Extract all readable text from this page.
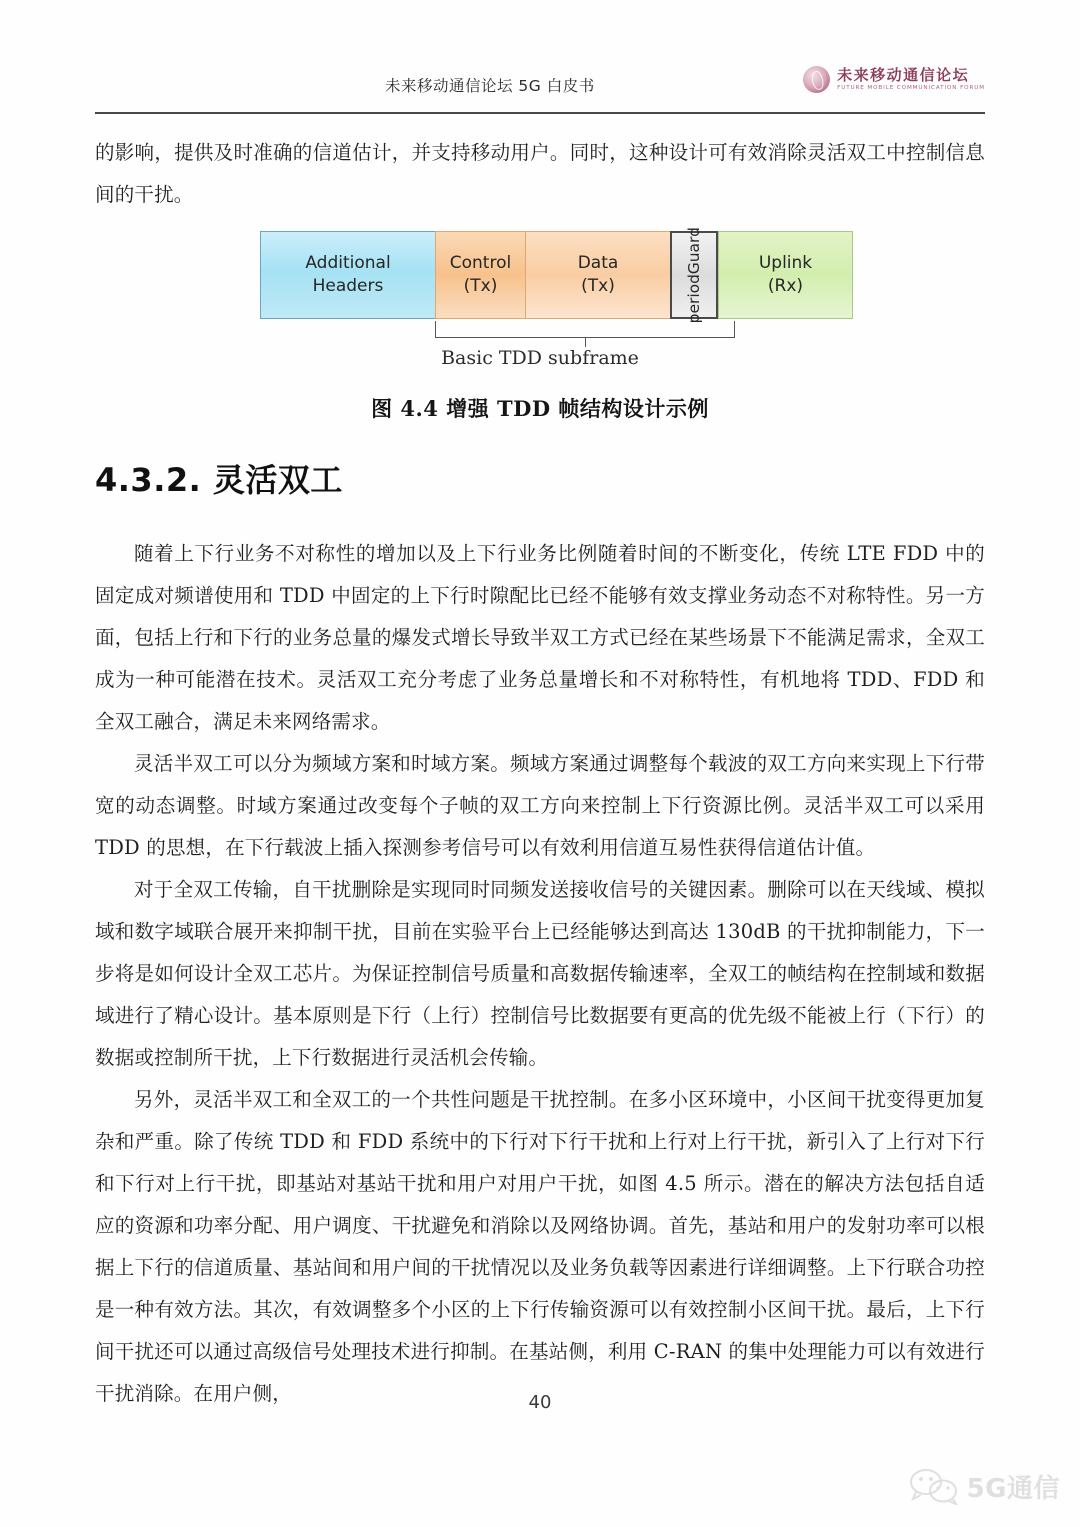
未来移动通信论坛 5G 白皮书
未来移动通信论坛
FUTURE MOBILE COMMUNICATION FORUM
的影响，提供及时准确的信道估计，并支持移动用户。同时，这种设计可有效消除灵活双工中控制信息间的干扰。
Additional
Headers
Control
(Tx)
Data
(Tx)
Guard
period
Uplink
(Rx)
Basic TDD subframe
图 4.4 增强 TDD 帧结构设计示例
4.3.2. 灵活双工
随着上下行业务不对称性的增加以及上下行业务比例随着时间的不断变化，传统 LTE FDD 中的固定成对频谱使用和 TDD 中固定的上下行时隙配比已经不能够有效支撑业务动态不对称特性。另一方面，包括上行和下行的业务总量的爆发式增长导致半双工方式已经在某些场景下不能满足需求，全双工成为一种可能潜在技术。灵活双工充分考虑了业务总量增长和不对称特性，有机地将 TDD、FDD 和全双工融合，满足未来网络需求。
灵活半双工可以分为频域方案和时域方案。频域方案通过调整每个载波的双工方向来实现上下行带宽的动态调整。时域方案通过改变每个子帧的双工方向来控制上下行资源比例。灵活半双工可以采用 TDD 的思想，在下行载波上插入探测参考信号可以有效利用信道互易性获得信道估计值。
对于全双工传输，自干扰删除是实现同时同频发送接收信号的关键因素。删除可以在天线域、模拟域和数字域联合展开来抑制干扰，目前在实验平台上已经能够达到高达 130dB 的干扰抑制能力，下一步将是如何设计全双工芯片。为保证控制信号质量和高数据传输速率，全双工的帧结构在控制域和数据域进行了精心设计。基本原则是下行（上行）控制信号比数据要有更高的优先级不能被上行（下行）的数据或控制所干扰，上下行数据进行灵活机会传输。
另外，灵活半双工和全双工的一个共性问题是干扰控制。在多小区环境中，小区间干扰变得更加复杂和严重。除了传统 TDD 和 FDD 系统中的下行对下行干扰和上行对上行干扰，新引入了上行对下行和下行对上行干扰，即基站对基站干扰和用户对用户干扰，如图 4.5 所示。潜在的解决方法包括自适应的资源和功率分配、用户调度、干扰避免和消除以及网络协调。首先，基站和用户的发射功率可以根据上下行的信道质量、基站间和用户间的干扰情况以及业务负载等因素进行详细调整。上下行联合功控是一种有效方法。其次，有效调整多个小区的上下行传输资源可以有效控制小区间干扰。最后，上下行间干扰还可以通过高级信号处理技术进行抑制。在基站侧，利用 C-RAN 的集中处理能力可以有效进行干扰消除。在用户侧，	40
5G通信
